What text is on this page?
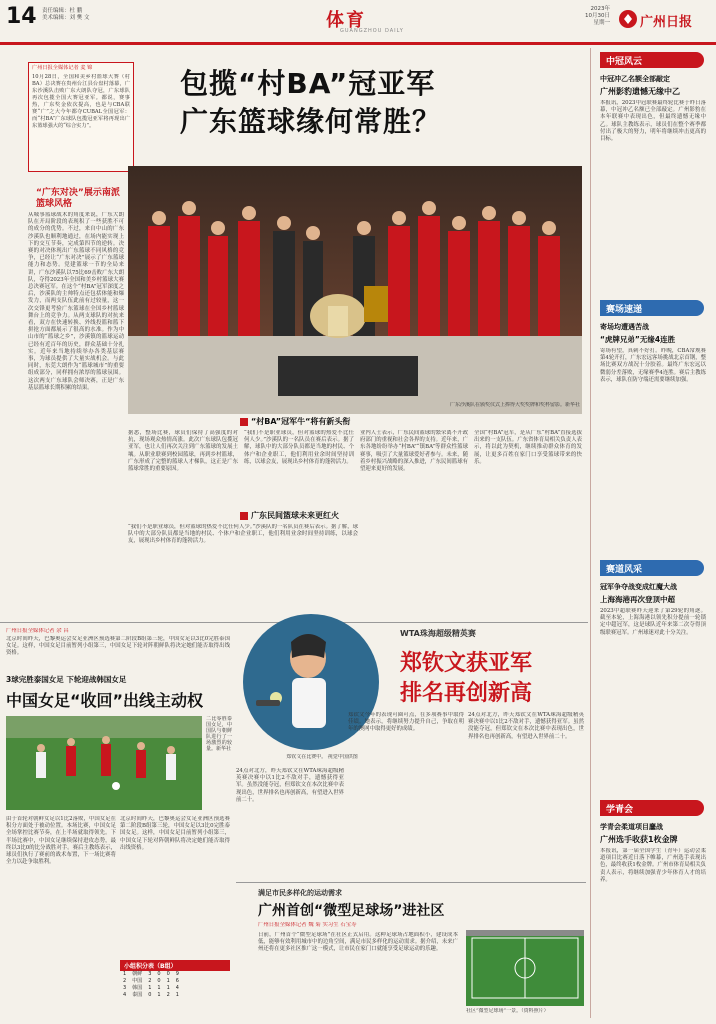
14 责任编辑：杜 鹏
美术编辑：刘 樊 文	体育
GUANGZHOU DAILY
2023年
10月30日
星期一 广州日报
广州日报全媒体记者 麦 锦
10月28日，全国和美乡村篮球大赛（村BA）总决赛在贵州台江县台盘村落幕，广东沙溪队击败广东大朗队夺冠，广东球队再次包揽全国大赛冠亚军。都说，赛事热，广东奖金依次提高，也是与CBA联赛“广”之大今年都夺CUBAL全国冠军：而“村BA”广东球队包揽冠亚军将再现出广东篮球强大的“综合实力”。
包揽“村BA”冠亚军
广东篮球缘何常胜？
广东沙溪队在颁奖仪式上捧得大奖奖牌和奖杯留影。新华社
“广东对决”展示南派篮球风格
从城事篮球战术的角度来说，广东大朗队在开局阶段的表现积了一些获胜不可的成分的优势。不过，来自中山的广东沙溪队也顺利地通过，在场内能实现上下的交互节奏，完成第四节的逆转。决赛的对决体现出广东篮球不同风格的竞争，已经让“广东对决”展示了广东篮球能力和态势。党建篮球一节的全局来讲，广东沙溪队以75比69击败广东大朗队，夺得2023年全国和美乡村篮球大赛总决赛冠军。在这个“村BA”冠军深度之后，沙溪队的主帅特点还包括体能和爆发力，而两支队伍此前有过较量，这一次交锋更考验广东篮球在全国乡村篮球舞台上的竞争力。从两支球队的对抗来看，双方在快速转换、外线投篮和篮下拼抢方面都展示了很高的水准。作为中山市的“篮球之乡”，沙溪镇的篮球运动已经有近百年的历史，群众基础十分扎实。近年来当地持续举办各类基层赛事，为球员提供了大量实战机会。与此同时，东莞大朗作为“篮球城市”的重要组成部分，同样拥有浓厚的篮球氛围。这次两支广东球队会师决赛，正是广东基层篮球长期积累的结果。
“村BA”冠军牛“将有新头衔
据悉，整场比赛，球员们保持了高强度的对抗，现场观众热情高涨。此次广东球队包揽冠亚军，也让人们再次关注到广东篮球的发展土壤。从职业联赛到校园篮球，再到乡村篮球，广东形成了完整的篮球人才梯队，这正是广东篮球常胜的重要原因。
“我们不是职业球员，但对篮球的热爱不比任何人少。”沙溪队的一名队员在赛后表示。据了解，球队中的大部分队员都是当地的村民、个体户和企业职工，他们利用业余时间坚持训练，以球会友，展现出乡村体育的蓬勃活力。
业内人士表示，广东民间篮球的繁荣离不开政府部门的重视和社会各界的支持。近年来，广东各地纷纷举办“村BA”“镇BA”等群众性篮球赛事，吸引了大量篮球爱好者参与。未来，随着乡村振兴战略的深入推进，广东民间篮球有望迎来更好的发展。
全国“村BA”冠军，是从广东“村BA”直接选拔出来的一支队伍。广东省体育局相关负责人表示，将以此为契机，继续推动群众体育的发展，让更多百姓在家门口享受篮球带来的快乐。
广东民间篮球未来更红火
“我们不是职业球员，但对篮球的热爱不比任何人少。”沙溪队的一名队员在赛后表示。据了解，球队中的大部分队员都是当地的村民、个体户和企业职工，他们利用业余时间坚持训练，以球会友，展现出乡村体育的蓬勃活力。
中冠风云
中冠冲乙名额全部敲定
广州影豹遗憾无缘中乙
本报讯，2023中冠联赛最终轮比赛于昨日落幕，中冠冲乙名额已全部敲定。广州影豹在本年联赛中表现出色，但最终遗憾无缘中乙。球队主教练表示，球员们在整个赛季都付出了极大的努力，明年将继续冲击更高的目标。
赛场速递
寄场均遭遇苦战
“虎牌兄弟”无缘4连胜
寄场有望，真刺不好打。昨晚，CBA常规赛第4轮开打，广东宏远客场挑战北京首钢，整场比赛双方战况十分胶着。最终广东宏远以微弱分差落败，无缘赛季4连胜。赛后主教练表示，球队在防守端还需要继续加强。
赛道风采
冠军争夺战变成红魔大战
上海海港再次登顶中超
2023中超联赛昨天迎来了第29轮的角逐。截至本轮，上海海港以领先积分提前一轮锁定中超冠军，这是球队近年来第二次夺得顶级联赛冠军。广州球迷对此十分关注。
学青会
学青会柔道项目鏖战
广州选手收获1枚金牌
本报讯，第一届全国学生（青年）运动会柔道项目比赛近日落下帷幕，广州选手表现出色，最终收获1枚金牌。广州市体育局相关负责人表示，将继续加强青少年体育人才的培养。
广州日报全媒体记者 余 昌
北京时间昨天，巴黎奥运会女足亚洲区预选赛第二阶段B组第三轮，中国女足以3比0完胜泰国女足。这样，中国女足目前暂列小组第三，中国女足下轮对阵朝鲜队将决定她们能否取得出线资格。
3球完胜泰国女足 下轮迎战韩国女足
中国女足“收回”出线主动权
二比零胜泰国女足，中国队与朝鲜队进行了一场激烈的较量。新华社
由于首轮对朝鲜女足以1比2落败，中国女足在积分方面处于被动位置。本场比赛，中国女足全场掌控比赛节奏，在上半场就取得领先。下半场比赛中，中国女足继续保持进攻态势，最终以3比0的比分战胜对手。赛后主教练表示，球员们执行了赛前的战术布置，下一场比赛将全力以赴争取胜利。
北京时间昨天，巴黎奥运会女足亚洲区预选赛第二阶段B组第三轮，中国女足以3比0完胜泰国女足。这样，中国女足目前暂列小组第三，中国女足下轮对阵朝鲜队将决定她们能否取得出线资格。
小组积分表（B组）
1	朝鲜	3	0	0	9
2	中国	2	0	1	6
3	韩国	1	1	1	4
4	泰国	0	1	2	1
郑钦文在比赛中。 视觉中国供图
WTA珠海超级精英赛
郑钦文获亚军
排名再创新高
24点对北方，昨天郑钦文在WTA珠海超级精英赛决赛中以1比2不敌对手，遗憾获得亚军。虽然没能夺冠，但郑钦文在本次比赛中表现出色，世界排名也再创新高，有望进入世界前二十。
郑钦文今年的表现可圈可点，在多项赛事中取得佳绩。她表示，将继续努力提升自己，争取在明年的澳网中取得更好的成绩。
24点对北方，昨天郑钦文在WTA珠海超级精英赛决赛中以1比2不敌对手，遗憾获得亚军。虽然没能夺冠，但郑钦文在本次比赛中表现出色，世界排名也再创新高，有望进入世界前二十。
满足市民多样化的运动需求
广州首创“微型足球场”进社区
广州日报全媒体记者 魏 菊 实习生 石宝寿
日前，广州首个“微型足球场”在社区正式启用。这种足球场占地面积小，建设成本低，能够有效利用城市中的边角空间，满足市民多样化的运动需求。据介绍，未来广州还将在更多社区推广这一模式，让市民在家门口就能享受足球运动的乐趣。
社区“微型足球场”一景。（资料照片）
